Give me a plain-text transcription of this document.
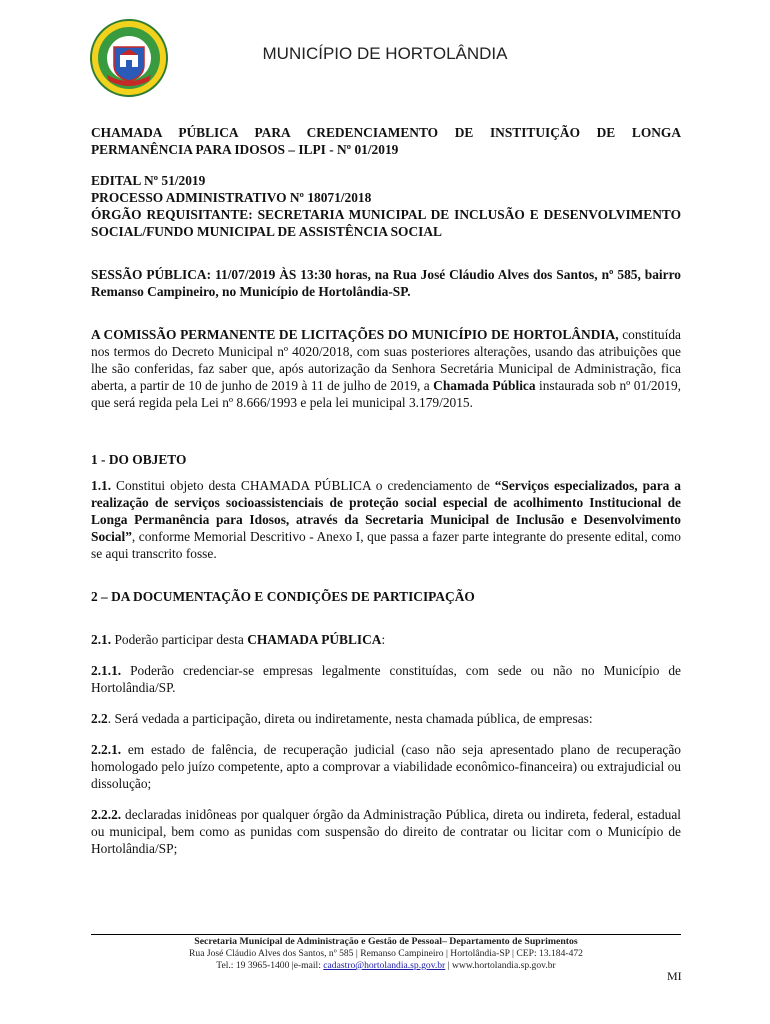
MUNICÍPIO DE HORTOLÂNDIA

CHAMADA PÚBLICA PARA CREDENCIAMENTO DE INSTITUIÇÃO DE LONGA PERMANÊNCIA PARA IDOSOS – ILPI - Nº 01/2019

EDITAL Nº 51/2019

PROCESSO ADMINISTRATIVO Nº 18071/2018

ÓRGÃO REQUISITANTE: SECRETARIA MUNICIPAL DE INCLUSÃO E DESENVOLVIMENTO SOCIAL/FUNDO MUNICIPAL DE ASSISTÊNCIA SOCIAL

SESSÃO PÚBLICA: 11/07/2019 ÀS 13:30 horas, na Rua José Cláudio Alves dos Santos, nº 585, bairro Remanso Campineiro, no Município de Hortolândia-SP.

A COMISSÃO PERMANENTE DE LICITAÇÕES DO MUNICÍPIO DE HORTOLÂNDIA, constituída nos termos do Decreto Municipal nº 4020/2018, com suas posteriores alterações, usando das atribuições que lhe são conferidas, faz saber que, após autorização da Senhora Secretária Municipal de Administração, fica aberta, a partir de 10 de junho de 2019 à 11 de julho de 2019, a Chamada Pública instaurada sob nº 01/2019, que será regida pela Lei nº 8.666/1993 e pela lei municipal 3.179/2015.

1 - DO OBJETO

1.1. Constitui objeto desta CHAMADA PÚBLICA o credenciamento de “Serviços especializados, para a realização de serviços socioassistenciais de proteção social especial de acolhimento Institucional de Longa Permanência para Idosos, através da Secretaria Municipal de Inclusão e Desenvolvimento Social”, conforme Memorial Descritivo - Anexo I, que passa a fazer parte integrante do presente edital, como se aqui transcrito fosse.

2 – DA DOCUMENTAÇÃO E CONDIÇÕES DE PARTICIPAÇÃO

2.1. Poderão participar desta CHAMADA PÚBLICA:

2.1.1. Poderão credenciar-se empresas legalmente constituídas, com sede ou não no Município de Hortolândia/SP.

2.2. Será vedada a participação, direta ou indiretamente, nesta chamada pública, de empresas:

2.2.1. em estado de falência, de recuperação judicial (caso não seja apresentado plano de recuperação homologado pelo juízo competente, apto a comprovar a viabilidade econômico-financeira) ou extrajudicial ou dissolução;

2.2.2. declaradas inidôneas por qualquer órgão da Administração Pública, direta ou indireta, federal, estadual ou municipal, bem como as punidas com suspensão do direito de contratar ou licitar com o Município de Hortolândia/SP;

Secretaria Municipal de Administração e Gestão de Pessoal– Departamento de Suprimentos
Rua José Cláudio Alves dos Santos, nº 585 | Remanso Campineiro | Hortolândia-SP | CEP: 13.184-472
Tel.: 19 3965-1400 |e-mail: cadastro@hortolandia.sp.gov.br | www.hortolandia.sp.gov.br
MI
